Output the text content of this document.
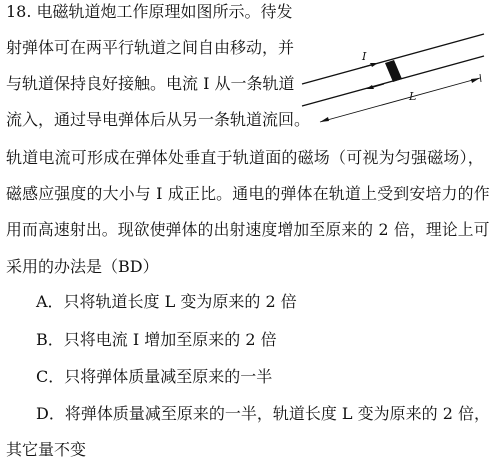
18. 电磁轨道炮工作原理如图所示。待发
射弹体可在两平行轨道之间自由移动，并
与轨道保持良好接触。电流 I 从一条轨道
流入，通过导电弹体后从另一条轨道流回。
轨道电流可形成在弹体处垂直于轨道面的磁场（可视为匀强磁场），
磁感应强度的大小与 I 成正比。通电的弹体在轨道上受到安培力的作
用而高速射出。现欲使弹体的出射速度增加至原来的 2 倍，理论上可
采用的办法是（BD）
A．只将轨道长度 L 变为原来的 2 倍
B．只将电流 I 增加至原来的 2 倍
C．只将弹体质量减至原来的一半
D．将弹体质量减至原来的一半，轨道长度 L 变为原来的 2 倍，
其它量不变
I
L
